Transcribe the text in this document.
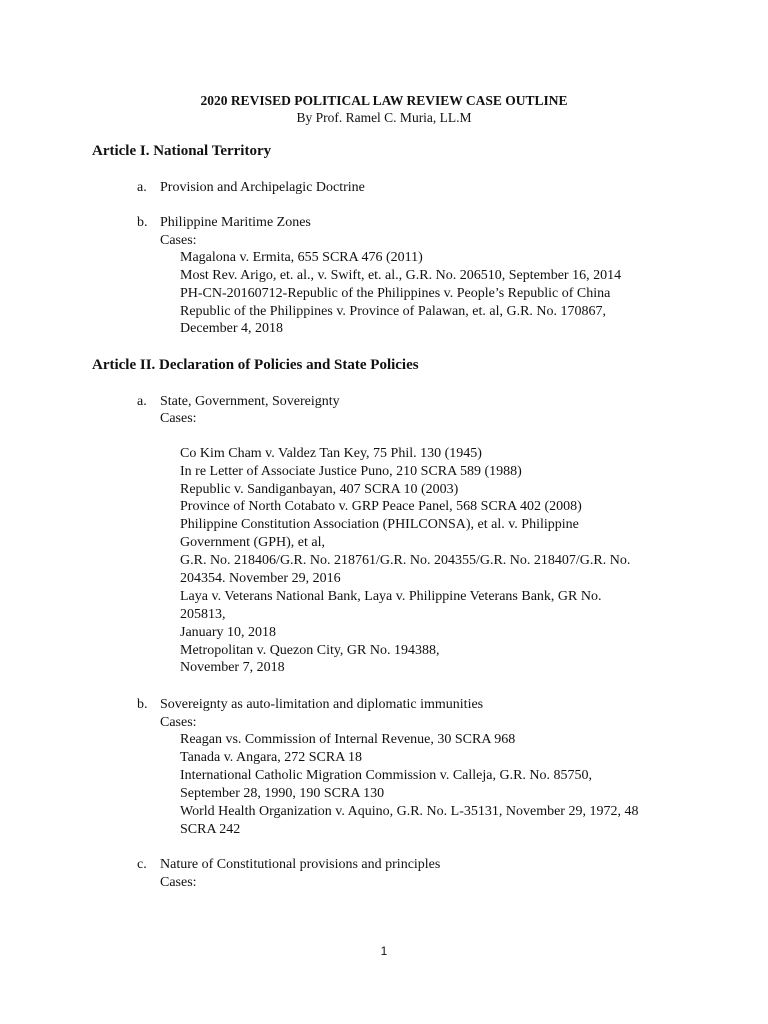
2020 REVISED POLITICAL LAW REVIEW CASE OUTLINE
By Prof. Ramel C. Muria, LL.M
Article I. National Territory
a. Provision and Archipelagic Doctrine
b. Philippine Maritime Zones
Cases:
Magalona v. Ermita, 655 SCRA 476 (2011)
Most Rev. Arigo, et. al., v. Swift, et. al., G.R. No. 206510, September 16, 2014
PH-CN-20160712-Republic of the Philippines v. People’s Republic of China
Republic of the Philippines v. Province of Palawan, et. al, G.R. No. 170867,
December 4, 2018
Article II. Declaration of Policies and State Policies
a. State, Government, Sovereignty
Cases:
Co Kim Cham v. Valdez Tan Key, 75 Phil. 130 (1945)
In re Letter of Associate Justice Puno, 210 SCRA 589 (1988)
Republic v. Sandiganbayan, 407 SCRA 10 (2003)
Province of North Cotabato v. GRP Peace Panel, 568 SCRA 402 (2008)
Philippine Constitution Association (PHILCONSA), et al. v. Philippine
Government (GPH), et al,
G.R. No. 218406/G.R. No. 218761/G.R. No. 204355/G.R. No. 218407/G.R. No.
204354. November 29, 2016
Laya v. Veterans National Bank, Laya v. Philippine Veterans Bank, GR No.
205813,
January 10, 2018
Metropolitan v. Quezon City, GR No. 194388,
November 7, 2018
b. Sovereignty as auto-limitation and diplomatic immunities
Cases:
Reagan vs. Commission of Internal Revenue, 30 SCRA 968
Tanada v. Angara, 272 SCRA 18
International Catholic Migration Commission v. Calleja, G.R. No. 85750,
September 28, 1990, 190 SCRA 130
World Health Organization v. Aquino, G.R. No. L-35131, November 29, 1972, 48
SCRA 242
c. Nature of Constitutional provisions and principles
Cases:
1
